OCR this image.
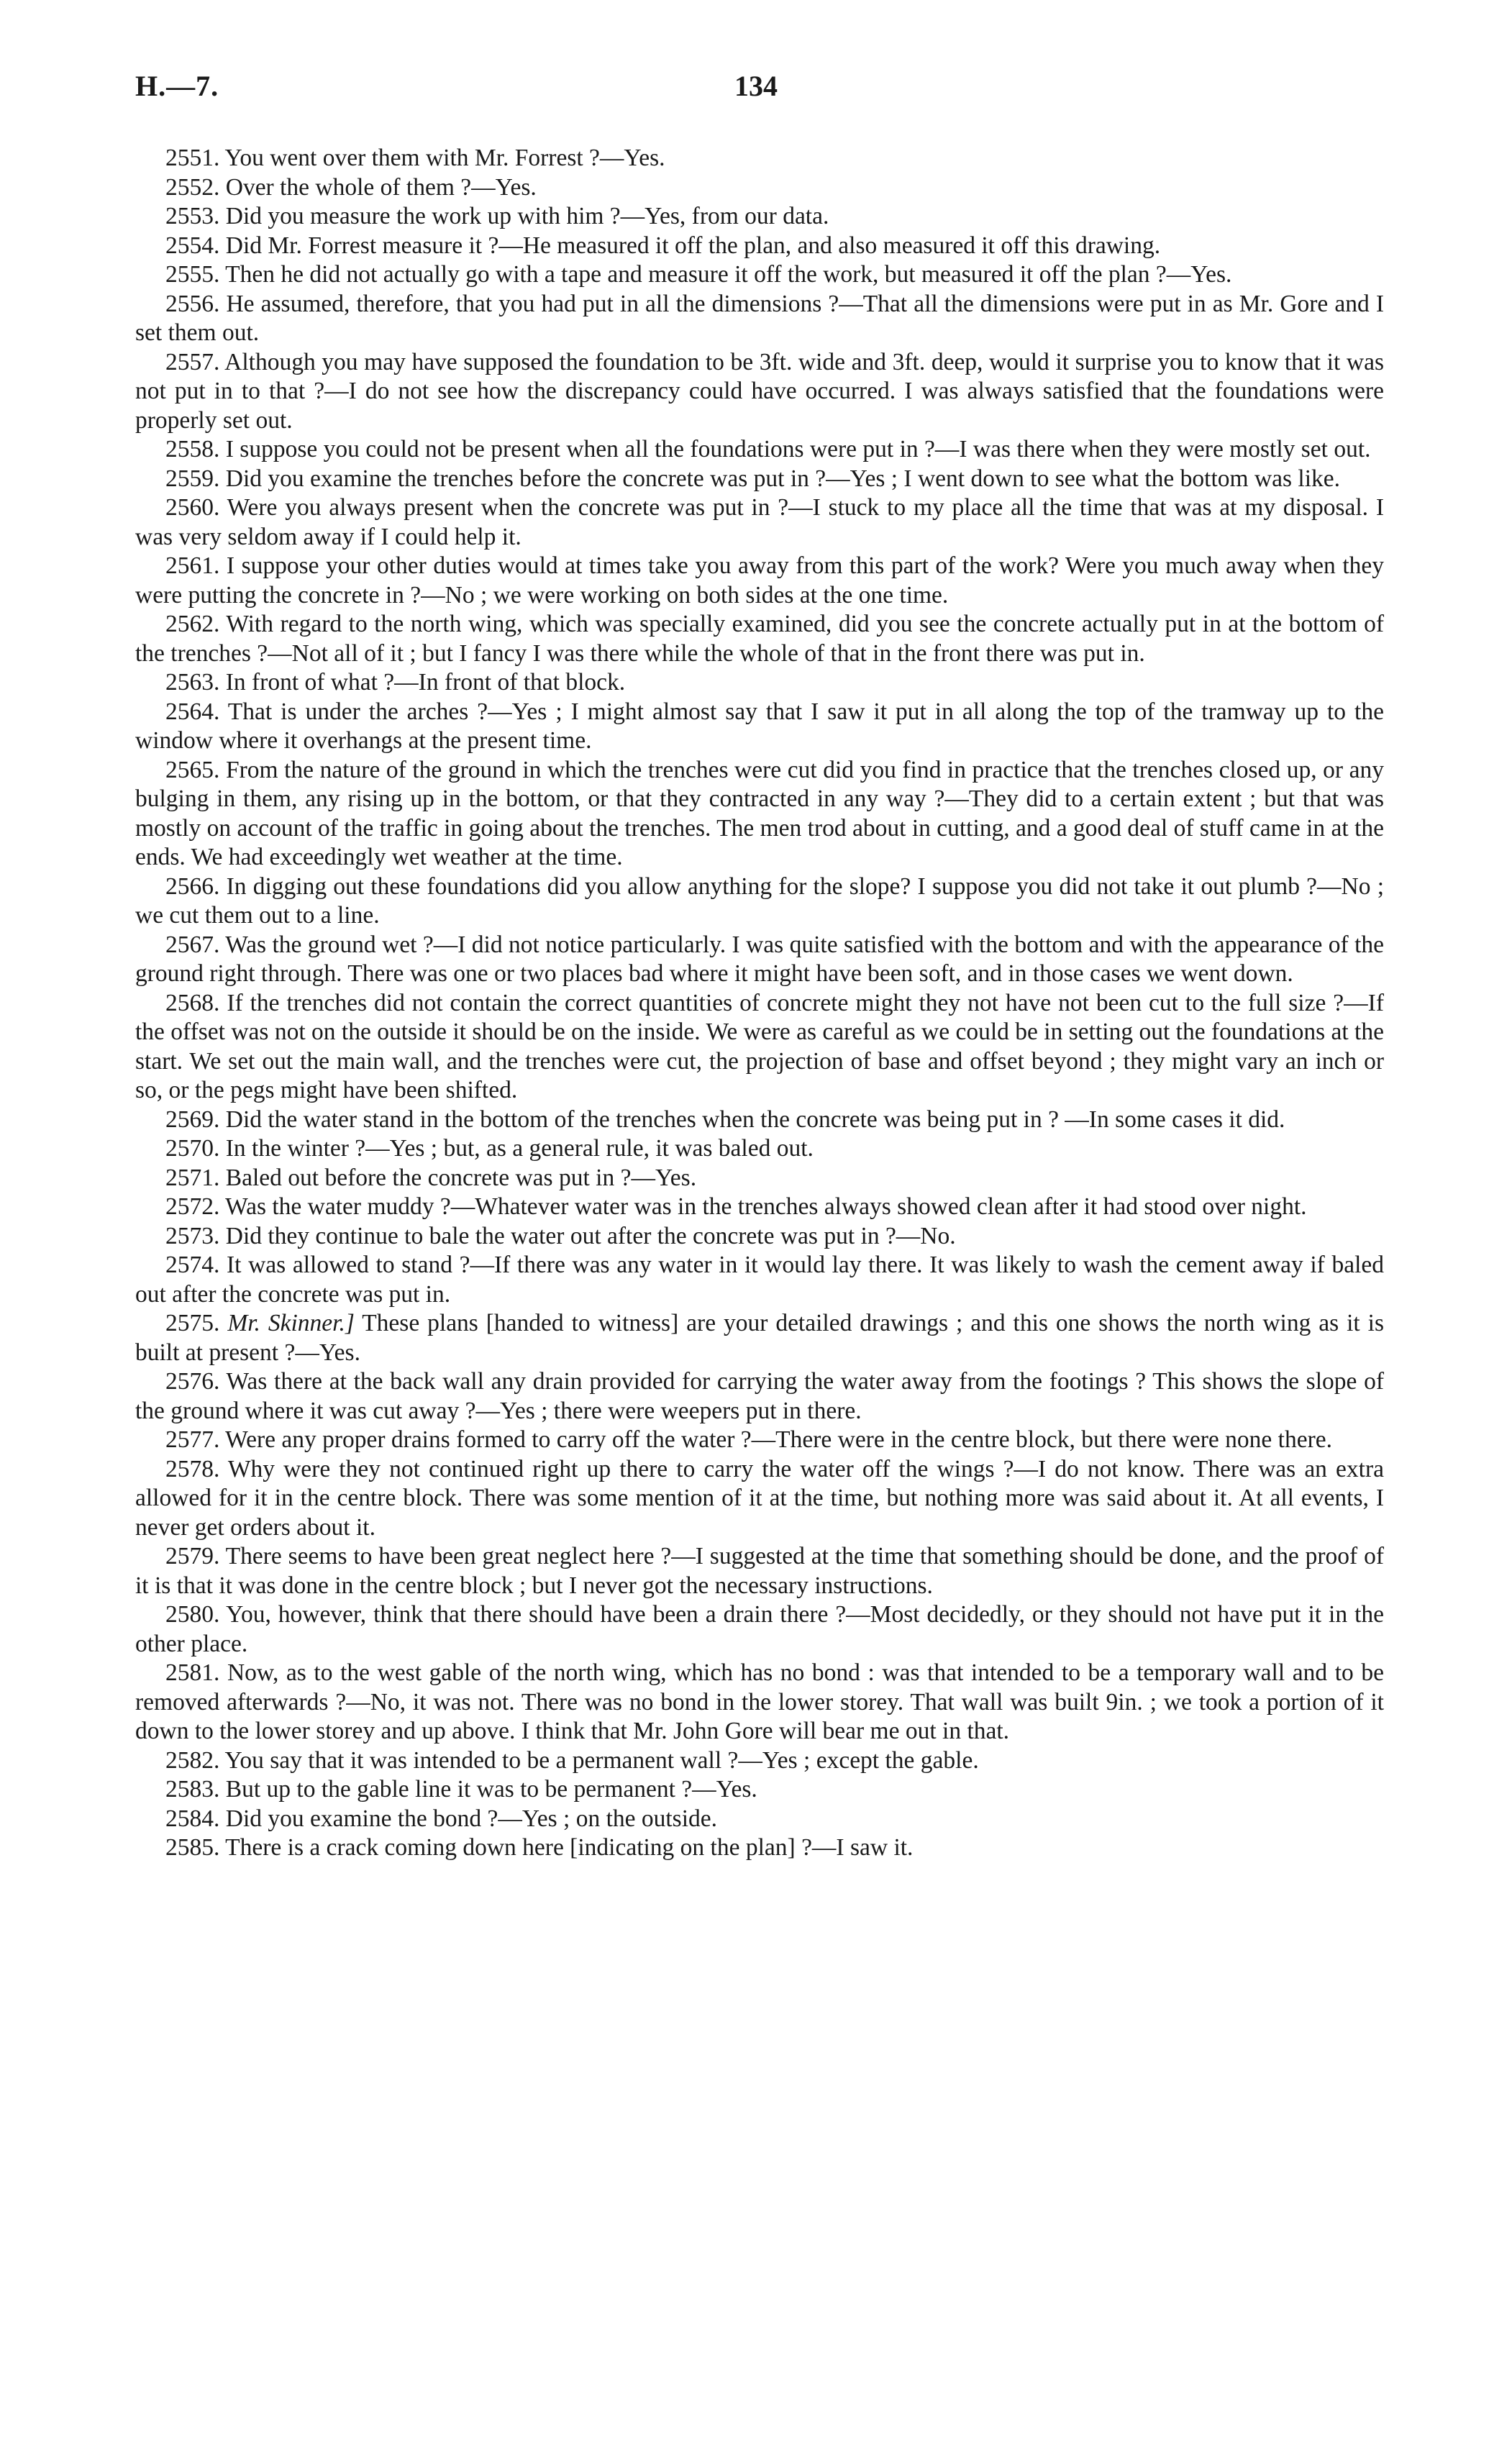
H.—7.	134

2551. You went over them with Mr. Forrest ?—Yes.

2552. Over the whole of them ?—Yes.

2553. Did you measure the work up with him ?—Yes, from our data.

2554. Did Mr. Forrest measure it ?—He measured it off the plan, and also measured it off this drawing.

2555. Then he did not actually go with a tape and measure it off the work, but measured it off the plan ?—Yes.

2556. He assumed, therefore, that you had put in all the dimensions ?—That all the dimensions were put in as Mr. Gore and I set them out.

2557. Although you may have supposed the foundation to be 3ft. wide and 3ft. deep, would it surprise you to know that it was not put in to that ?—I do not see how the discrepancy could have occurred. I was always satisfied that the foundations were properly set out.

2558. I suppose you could not be present when all the foundations were put in ?—I was there when they were mostly set out.

2559. Did you examine the trenches before the concrete was put in ?—Yes ; I went down to see what the bottom was like.

2560. Were you always present when the concrete was put in ?—I stuck to my place all the time that was at my disposal. I was very seldom away if I could help it.

2561. I suppose your other duties would at times take you away from this part of the work? Were you much away when they were putting the concrete in ?—No ; we were working on both sides at the one time.

2562. With regard to the north wing, which was specially examined, did you see the concrete actually put in at the bottom of the trenches ?—Not all of it ; but I fancy I was there while the whole of that in the front there was put in.

2563. In front of what ?—In front of that block.

2564. That is under the arches ?—Yes ; I might almost say that I saw it put in all along the top of the tramway up to the window where it overhangs at the present time.

2565. From the nature of the ground in which the trenches were cut did you find in practice that the trenches closed up, or any bulging in them, any rising up in the bottom, or that they contracted in any way ?—They did to a certain extent ; but that was mostly on account of the traffic in going about the trenches. The men trod about in cutting, and a good deal of stuff came in at the ends. We had exceedingly wet weather at the time.

2566. In digging out these foundations did you allow anything for the slope? I suppose you did not take it out plumb ?—No ; we cut them out to a line.

2567. Was the ground wet ?—I did not notice particularly. I was quite satisfied with the bottom and with the appearance of the ground right through. There was one or two places bad where it might have been soft, and in those cases we went down.

2568. If the trenches did not contain the correct quantities of concrete might they not have not been cut to the full size ?—If the offset was not on the outside it should be on the inside. We were as careful as we could be in setting out the foundations at the start. We set out the main wall, and the trenches were cut, the projection of base and offset beyond ; they might vary an inch or so, or the pegs might have been shifted.

2569. Did the water stand in the bottom of the trenches when the concrete was being put in ? —In some cases it did.

2570. In the winter ?—Yes ; but, as a general rule, it was baled out.

2571. Baled out before the concrete was put in ?—Yes.

2572. Was the water muddy ?—Whatever water was in the trenches always showed clean after it had stood over night.

2573. Did they continue to bale the water out after the concrete was put in ?—No.

2574. It was allowed to stand ?—If there was any water in it would lay there. It was likely to wash the cement away if baled out after the concrete was put in.

2575. Mr. Skinner.] These plans [handed to witness] are your detailed drawings ; and this one shows the north wing as it is built at present ?—Yes.

2576. Was there at the back wall any drain provided for carrying the water away from the footings ? This shows the slope of the ground where it was cut away ?—Yes ; there were weepers put in there.

2577. Were any proper drains formed to carry off the water ?—There were in the centre block, but there were none there.

2578. Why were they not continued right up there to carry the water off the wings ?—I do not know. There was an extra allowed for it in the centre block. There was some mention of it at the time, but nothing more was said about it. At all events, I never get orders about it.

2579. There seems to have been great neglect here ?—I suggested at the time that something should be done, and the proof of it is that it was done in the centre block ; but I never got the necessary instructions.

2580. You, however, think that there should have been a drain there ?—Most decidedly, or they should not have put it in the other place.

2581. Now, as to the west gable of the north wing, which has no bond : was that intended to be a temporary wall and to be removed afterwards ?—No, it was not. There was no bond in the lower storey. That wall was built 9in. ; we took a portion of it down to the lower storey and up above. I think that Mr. John Gore will bear me out in that.

2582. You say that it was intended to be a permanent wall ?—Yes ; except the gable.

2583. But up to the gable line it was to be permanent ?—Yes.

2584. Did you examine the bond ?—Yes ; on the outside.

2585. There is a crack coming down here [indicating on the plan] ?—I saw it.
